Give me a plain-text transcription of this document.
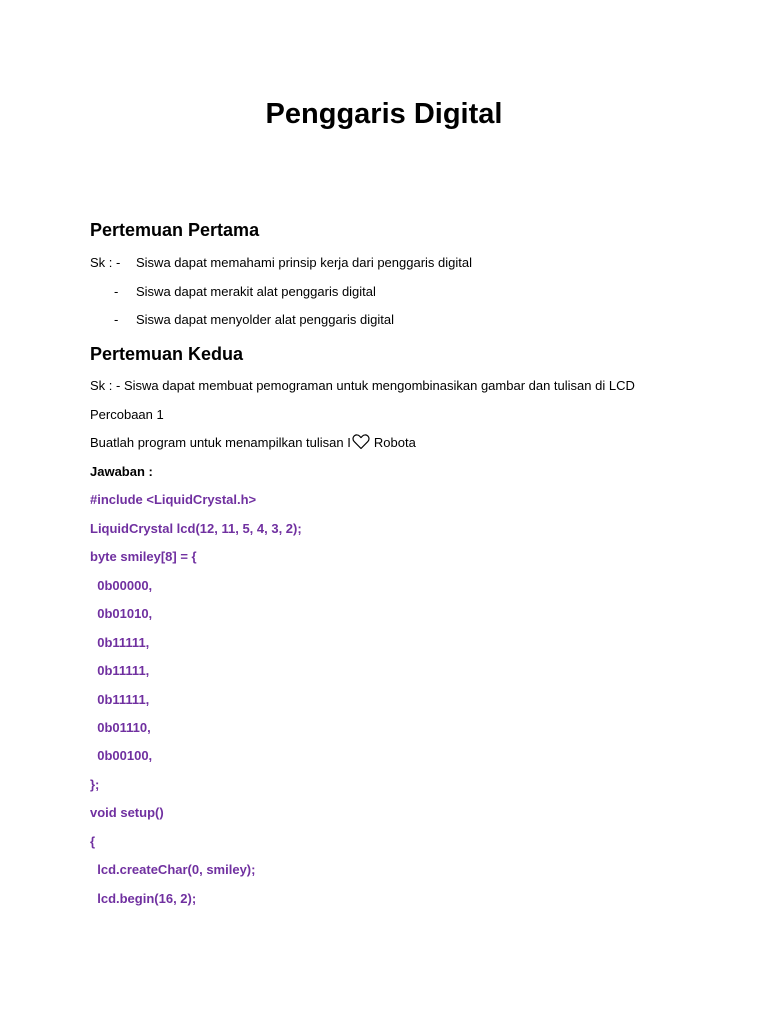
Penggaris Digital
Pertemuan Pertama
Sk : - Siswa dapat memahami prinsip kerja dari penggaris digital
- Siswa dapat merakit alat penggaris digital
- Siswa dapat menyolder alat penggaris digital
Pertemuan Kedua
Sk : - Siswa dapat membuat pemograman untuk mengombinasikan gambar dan tulisan di LCD
Percobaan 1
Buatlah program untuk menampilkan tulisan I Robota
Jawaban :
#include <LiquidCrystal.h>
LiquidCrystal lcd(12, 11, 5, 4, 3, 2);
byte smiley[8] = {
0b00000,
0b01010,
0b11111,
0b11111,
0b11111,
0b01110,
0b00100,
};
void setup()
{
lcd.createChar(0, smiley);
lcd.begin(16, 2);
